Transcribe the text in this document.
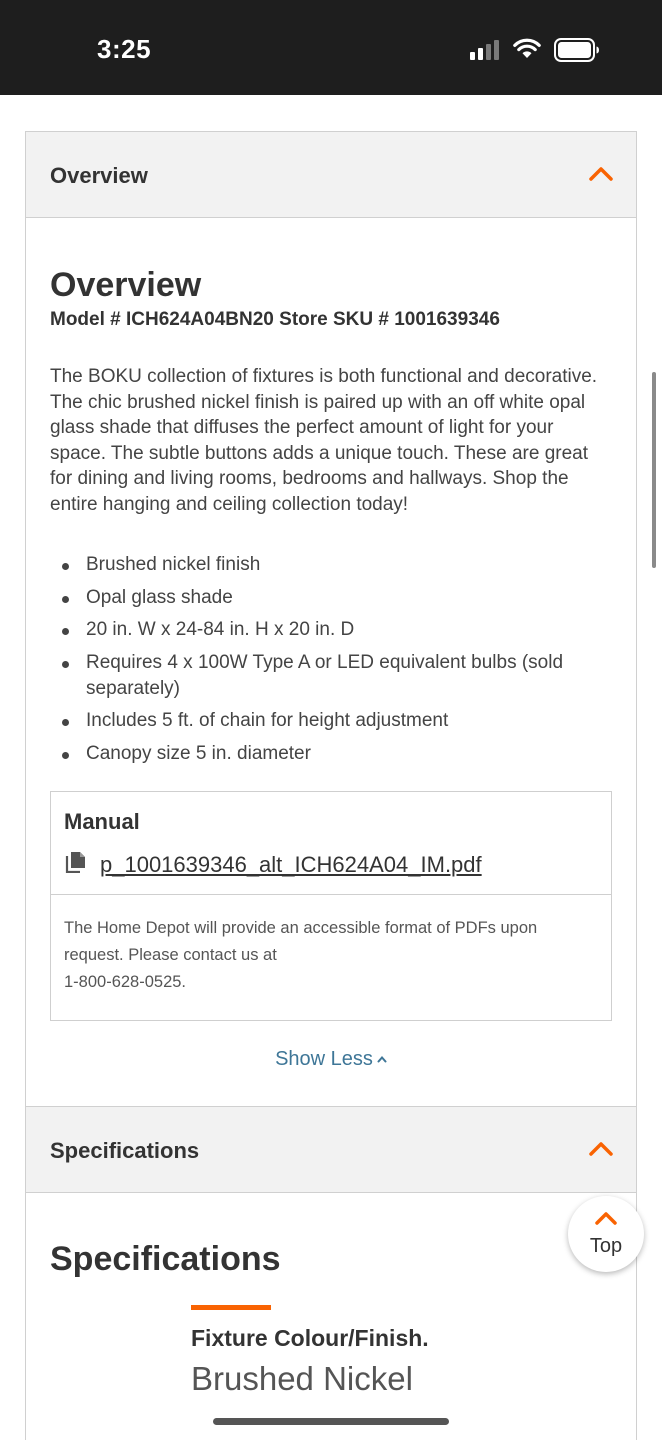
3:25
Overview
Overview
Model # ICH624A04BN20 Store SKU # 1001639346

The BOKU collection of fixtures is both functional and decorative. The chic brushed nickel finish is paired up with an off white opal glass shade that diffuses the perfect amount of light for your space. The subtle buttons adds a unique touch. These are great for dining and living rooms, bedrooms and hallways. Shop the entire hanging and ceiling collection today!

Brushed nickel finish
Opal glass shade
20 in. W x 24-84 in. H x 20 in. D
Requires 4 x 100W Type A or LED equivalent bulbs (sold separately)
Includes 5 ft. of chain for height adjustment
Canopy size 5 in. diameter
Manual
p_1001639346_alt_ICH624A04_IM.pdf
The Home Depot will provide an accessible format of PDFs upon
request. Please contact us at
1-800-628-0525.
Show Less
Specifications
Specifications
Fixture Colour/Finish.
Brushed Nickel
Top
